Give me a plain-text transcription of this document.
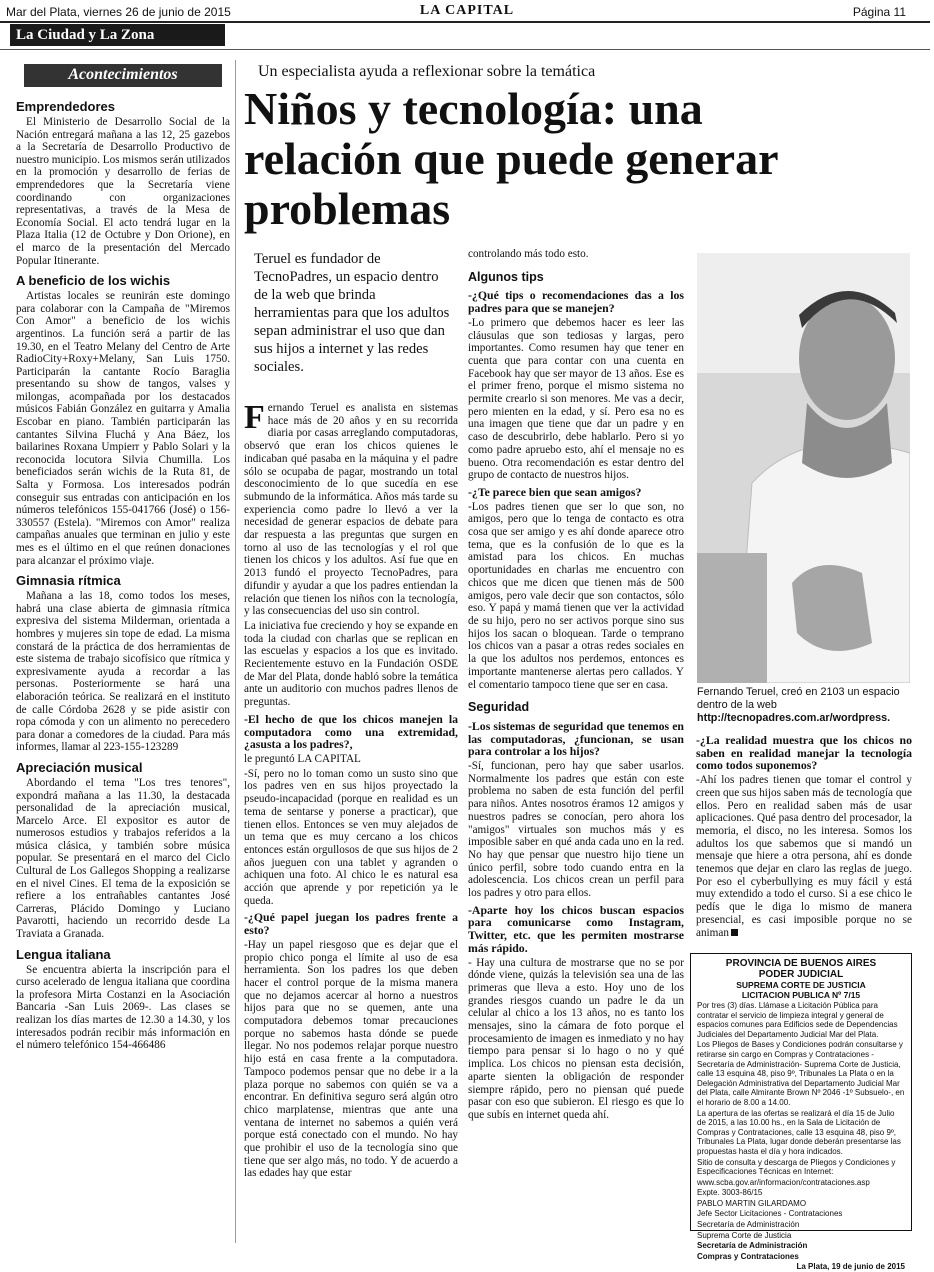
Mar del Plata, viernes 26 de junio de 2015	LA CAPITAL	Página 11
La Ciudad y La Zona
Acontecimientos
Emprendedores

El Ministerio de Desarrollo Social de la Nación entregará mañana a las 12, 25 gazebos a la Secretaría de Desarrollo Productivo de nuestro municipio. Los mismos serán utilizados en la promoción y desarrollo de ferias de emprendedores que la Secretaría viene coordinando con organizaciones representativas, a través de la Mesa de Economía Social. El acto tendrá lugar en la Plaza Italia (12 de Octubre y Don Orione), en el marco de la presentación del Mercado Popular Itinerante.

A beneficio de los wichis

Artistas locales se reunirán este domingo para colaborar con la Campaña de "Miremos Con Amor" a beneficio de los wichis argentinos. La función será a partir de las 19.30, en el Teatro Melany del Centro de Arte RadioCity+Roxy+Melany, San Luis 1750. Participarán la cantante Rocío Baraglia presentando su show de tangos, valses y milongas, acompañada por los destacados músicos Fabián González en guitarra y Amalia Escobar en piano. También participarán las cantantes Silvina Fluchá y Ana Báez, los bailarines Roxana Umpierr y Pablo Solari y la reconocida locutora Silvia Chumilla. Los beneficiados serán wichis de la Ruta 81, de Salta y Formosa. Los interesados podrán conseguir sus entradas con anticipación en los números telefónicos 155-041766 (José) o 156-330557 (Estela). "Miremos con Amor" realiza campañas anuales que terminan en julio y este mes es el último en el que reúnen donaciones para alcanzar el próximo viaje.

Gimnasia rítmica

Mañana a las 18, como todos los meses, habrá una clase abierta de gimnasia rítmica expresiva del sistema Milderman, orientada a hombres y mujeres sin tope de edad. La misma constará de la práctica de dos herramientas de este sistema de trabajo sicofísico que rítmica y expresivamente ayuda a recordar a las personas. Posteriormente se hará una elaboración teórica. Se realizará en el instituto de calle Córdoba 2628 y se pide asistir con ropa cómoda y con un alimento no perecedero para donar a comedores de la ciudad. Para más informes, llamar al 223-155-123289

Apreciación musical

Abordando el tema "Los tres tenores", expondrá mañana a las 11.30, la destacada personalidad de la apreciación musical, Marcelo Arce. El expositor es autor de numerosos estudios y trabajos referidos a la música clásica, y también sobre música popular. Se presentará en el marco del Ciclo Cultural de Los Gallegos Shopping a realizarse en el nivel Cines. El tema de la exposición se refiere a los entrañables cantantes José Carreras, Plácido Domingo y Luciano Pavarotti, haciendo un recorrido desde La Traviata a Granada.

Lengua italiana

Se encuentra abierta la inscripción para el curso acelerado de lengua italiana que coordina la profesora Mirta Costanzi en la Asociación Bancaria -San Luis 2069-. Las clases se realizan los días martes de 12.30 a 14.30, y los interesados podrán recibir más información en el número telefónico 154-466486

Un especialista ayuda a reflexionar sobre la temática
Niños y tecnología: una relación que puede generar problemas
Teruel es fundador de TecnoPadres, un espacio dentro de la web que brinda herramientas para que los adultos sepan administrar el uso que dan sus hijos a internet y las redes sociales.

Fernando Teruel es analista en sistemas hace más de 20 años y en su recorrida diaria por casas arreglando computadoras, observó que eran los chicos quienes le indicaban qué pasaba en la máquina y el padre sólo se ocupaba de pagar, mostrando un total desconocimiento de lo que sucedía en ese submundo de la informática. Años más tarde su experiencia como padre lo llevó a ver la necesidad de generar espacios de debate para dar respuesta a las preguntas que surgen en torno al uso de las tecnologías y el rol que tienen los chicos y los adultos. Así fue que en 2013 fundó el proyecto TecnoPadres, para difundir y ayudar a que los padres entiendan la relación que tienen los niños con la tecnología, y las consecuencias del uso sin control.

La iniciativa fue creciendo y hoy se expande en toda la ciudad con charlas que se replican en las escuelas y espacios a los que es invitado. Recientemente estuvo en la Fundación OSDE de Mar del Plata, donde habló sobre la temática ante un auditorio con muchos padres llenos de preguntas.

-El hecho de que los chicos manejen la computadora como una extremidad, ¿asusta a los padres?,

le preguntó LA CAPITAL

-Sí, pero no lo toman como un susto sino que los padres ven en sus hijos proyectado la pseudo-incapacidad (porque en realidad es un tema de sentarse y ponerse a practicar), que tienen ellos. Entonces se ven muy alejados de un tema que es muy cercano a los chicos entonces están orgullosos de que sus hijos de 2 años jueguen con una tablet y agranden o achiquen una foto. Al chico le es natural esa acción que aprende y por repetición ya le queda.

-¿Qué papel juegan los padres frente a esto?

-Hay un papel riesgoso que es dejar que el propio chico ponga el límite al uso de esa herramienta. Son los padres los que deben hacer el control porque de la misma manera que no dejamos acercar al horno a nuestros hijos para que no se quemen, ante una computadora debemos tomar precauciones porque no sabemos hasta dónde se puede llegar. No nos podemos relajar porque nuestro hijo está en casa frente a la computadora. Tampoco podemos pensar que no debe ir a la plaza porque no sabemos con quién se va a encontrar. En definitiva seguro será algún otro chico marplatense, mientras que ante una ventana de internet no sabemos a quién verá porque está conectado con el mundo. No hay que prohibir el uso de la tecnología sino que tiene que ser algo más, no todo. Y de acuerdo a las edades hay que estar

controlando más todo esto.

Algunos tips
-¿Qué tips o recomendaciones das a los padres para que se manejen?

-Lo primero que debemos hacer es leer las cláusulas que son tediosas y largas, pero importantes. Como resumen hay que tener en cuenta que para contar con una cuenta en Facebook hay que ser mayor de 13 años. Ese es el primer freno, porque el mismo sistema no permite crearlo si son menores. Me vas a decir, pero mienten en la edad, y sí. Pero esa no es una imagen que tiene que dar un padre y en caso de descubrirlo, debe hablarlo. Pero si yo como padre apruebo esto, ahí el mensaje no es bueno. Otra recomendación es estar dentro del grupo de contacto de nuestros hijos.

-¿Te parece bien que sean amigos?

-Los padres tienen que ser lo que son, no amigos, pero que lo tenga de contacto es otra cosa que ser amigo y es ahí donde aparece otro tema, que es la confusión de lo que es la amistad para los chicos. En muchas oportunidades en charlas me encuentro con chicos que me dicen que tienen más de 500 amigos, pero vale decir que son contactos, sólo eso. Y papá y mamá tienen que ver la actividad de su hijo, pero no ser activos porque sino sus hijos los sacan o bloquean. Tarde o temprano los chicos van a pasar a otras redes sociales en la que los adultos nos perdemos, entonces es importante mantenerse alertas pero callados. Y el comentario tampoco tiene que ser en casa.

Seguridad
-Los sistemas de seguridad que tenemos en las computadoras, ¿funcionan, se usan para controlar a los hijos?

-Sí, funcionan, pero hay que saber usarlos. Normalmente los padres que están con este problema no saben de esta función del perfil para niños. Antes nosotros éramos 12 amigos y nuestros padres se conocían, pero ahora los "amigos" virtuales son muchos más y es imposible saber en qué anda cada uno en la red. No hay que pensar que nuestro hijo tiene un único perfil, sobre todo cuando entra en la adolescencia. Los chicos crean un perfil para los padres y otro para ellos.

-Aparte hoy los chicos buscan espacios para comunicarse como Instagram, Twitter, etc. que les permiten mostrarse más rápido.

- Hay una cultura de mostrarse que no se por dónde viene, quizás la televisión sea una de las primeras que lleva a esto. Hoy uno de los grandes riesgos cuando un padre le da un celular al chico a los 13 años, no es tanto los mensajes, sino la cámara de foto porque el procesamiento de imagen es inmediato y no hay tiempo para pensar si lo hago o no y qué implica. Los chicos no piensan esta decisión, aparte sienten la obligación de responder siempre rápido, pero no piensan qué puede pasar con eso que subieron. El riesgo es que lo que subís en internet queda ahí.

Fernando Teruel, creó en 2103 un espacio dentro de la web
http://tecnopadres.com.ar/wordpress.
-¿La realidad muestra que los chicos no saben en realidad manejar la tecnología como todos suponemos?

-Ahí los padres tienen que tomar el control y creen que sus hijos saben más de tecnología que ellos. Pero en realidad saben más de usar aplicaciones. Qué pasa dentro del procesador, la memoria, el disco, no les interesa. Somos los adultos los que sabemos que si mandó un mensaje que hiere a otra persona, ahí es donde tenemos que dejar en claro las reglas de juego. Por eso el cyberbullying es muy fácil y está muy extendido a todo el curso. Si a ese chico le pedís que le diga lo mismo de manera presencial, es casi imposible porque no se animan

PROVINCIA DE BUENOS AIRES
PODER JUDICIAL
SUPREMA CORTE DE JUSTICIA
LICITACION PUBLICA Nº 7/15

Por tres (3) días. Llámase a Licitación Pública para contratar el servicio de limpieza integral y general de espacios comunes para Edificios sede de Dependencias Judiciales del Departamento Judicial Mar del Plata.

Los Pliegos de Bases y Condiciones podrán consultarse y retirarse sin cargo en Compras y Contrataciones -Secretaría de Administración- Suprema Corte de Justicia, calle 13 esquina 48, piso 9º, Tribunales La Plata o en la Delegación Administrativa del Departamento Judicial Mar del Plata, calle Almirante Brown Nº 2046 -1º Subsuelo-, en el horario de 8.00 a 14.00.

La apertura de las ofertas se realizará el día 15 de Julio de 2015, a las 10.00 hs., en la Sala de Licitación de Compras y Contrataciones, calle 13 esquina 48, piso 9º, Tribunales La Plata, lugar donde deberán presentarse las propuestas hasta el día y hora indicados.

Sitio de consulta y descarga de Pliegos y Condiciones y Especificaciones Técnicas en Internet:

www.scba.gov.ar/informacion/contrataciones.asp

Expte. 3003-86/15

PABLO MARTIN GILARDAMO

Jefe Sector Licitaciones - Contrataciones

Secretaría de Administración

Suprema Corte de Justicia

Secretaría de Administración

Compras y Contrataciones

La Plata, 19 de junio de 2015
